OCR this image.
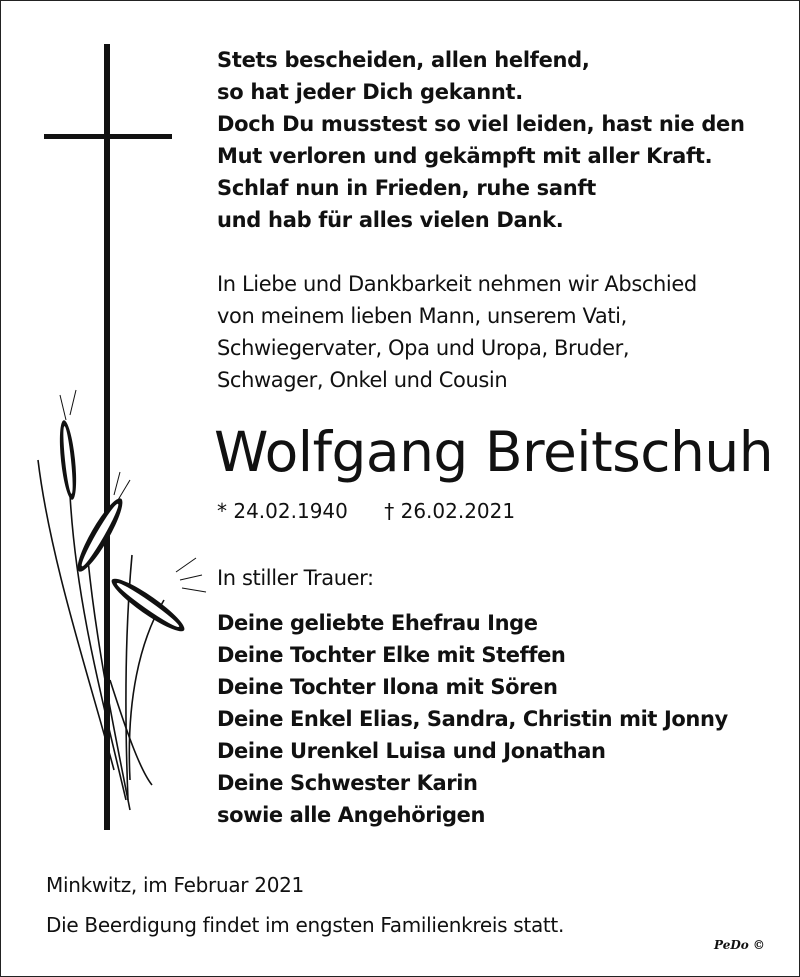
Stets bescheiden, allen helfend,
so hat jeder Dich gekannt.
Doch Du musstest so viel leiden, hast nie den
Mut verloren und gekämpft mit aller Kraft.
Schlaf nun in Frieden, ruhe sanft
und hab für alles vielen Dank.
In Liebe und Dankbarkeit nehmen wir Abschied
von meinem lieben Mann, unserem Vati,
Schwiegervater, Opa und Uropa, Bruder,
Schwager, Onkel und Cousin
Wolfgang Breitschuh
* 24.02.1940 † 26.02.2021
In stiller Trauer:
Deine geliebte Ehefrau Inge
Deine Tochter Elke mit Steffen
Deine Tochter Ilona mit Sören
Deine Enkel Elias, Sandra, Christin mit Jonny
Deine Urenkel Luisa und Jonathan
Deine Schwester Karin
sowie alle Angehörigen
Minkwitz, im Februar 2021
Die Beerdigung findet im engsten Familienkreis statt.
PeDo ©
